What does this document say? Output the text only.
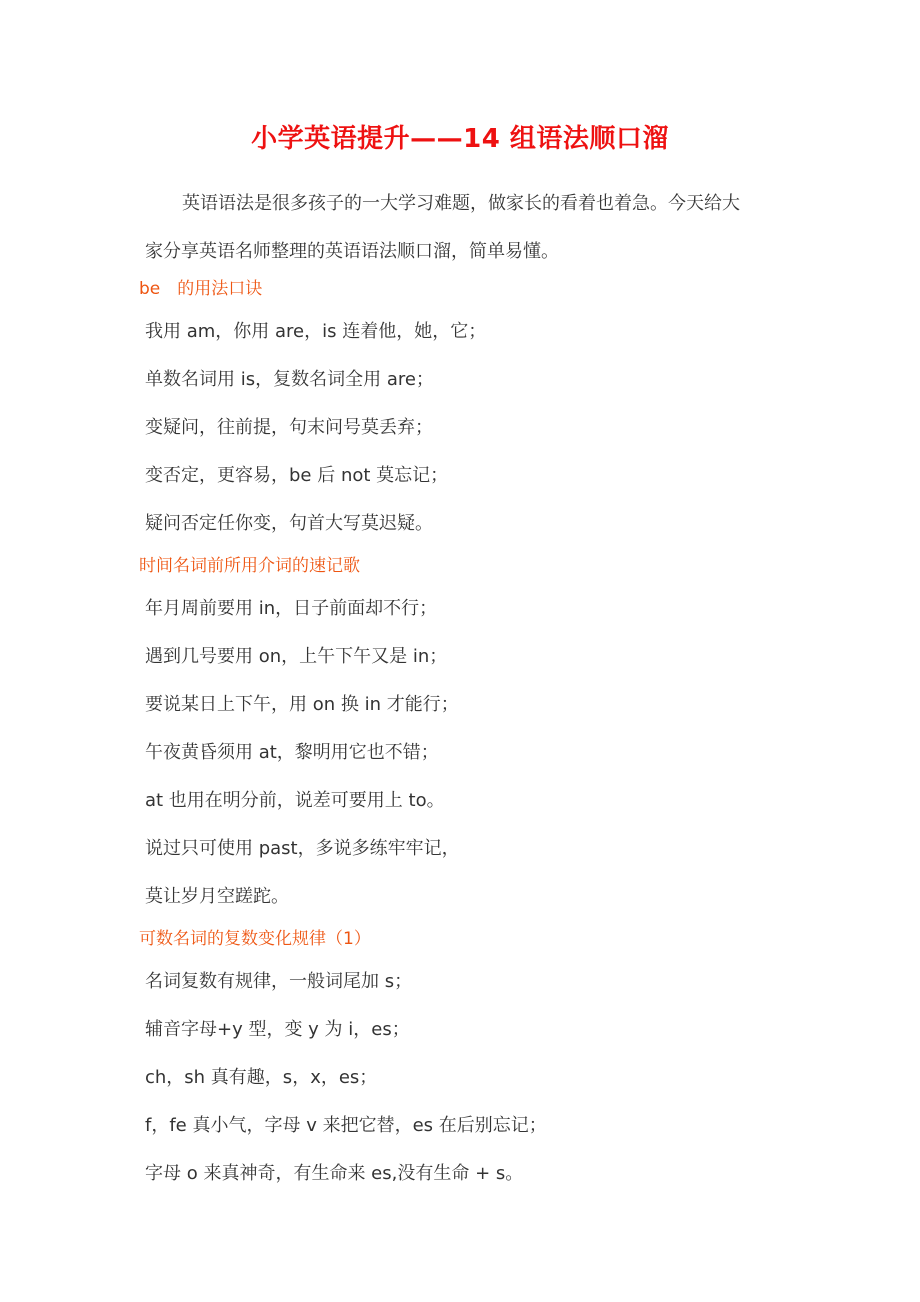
小学英语提升——14 组语法顺口溜
英语语法是很多孩子的一大学习难题，做家长的看着也着急。今天给大
家分享英语名师整理的英语语法顺口溜，简单易懂。
be　的用法口诀
我用 am，你用 are，is 连着他，她，它；
单数名词用 is，复数名词全用 are；
变疑问，往前提，句末问号莫丢弃；
变否定，更容易，be 后 not 莫忘记；
疑问否定任你变，句首大写莫迟疑。
时间名词前所用介词的速记歌
年月周前要用 in，日子前面却不行；
遇到几号要用 on，上午下午又是 in；
要说某日上下午，用 on 换 in 才能行；
午夜黄昏须用 at，黎明用它也不错；
at 也用在明分前，说差可要用上 to。
说过只可使用 past，多说多练牢牢记，
莫让岁月空蹉跎。
可数名词的复数变化规律（1）
名词复数有规律，一般词尾加 s；
辅音字母+y 型，变 y 为 i，es；
ch，sh 真有趣，s，x，es；
f，fe 真小气，字母 v 来把它替，es 在后别忘记；
字母 o 来真神奇，有生命来 es,没有生命 + s。
